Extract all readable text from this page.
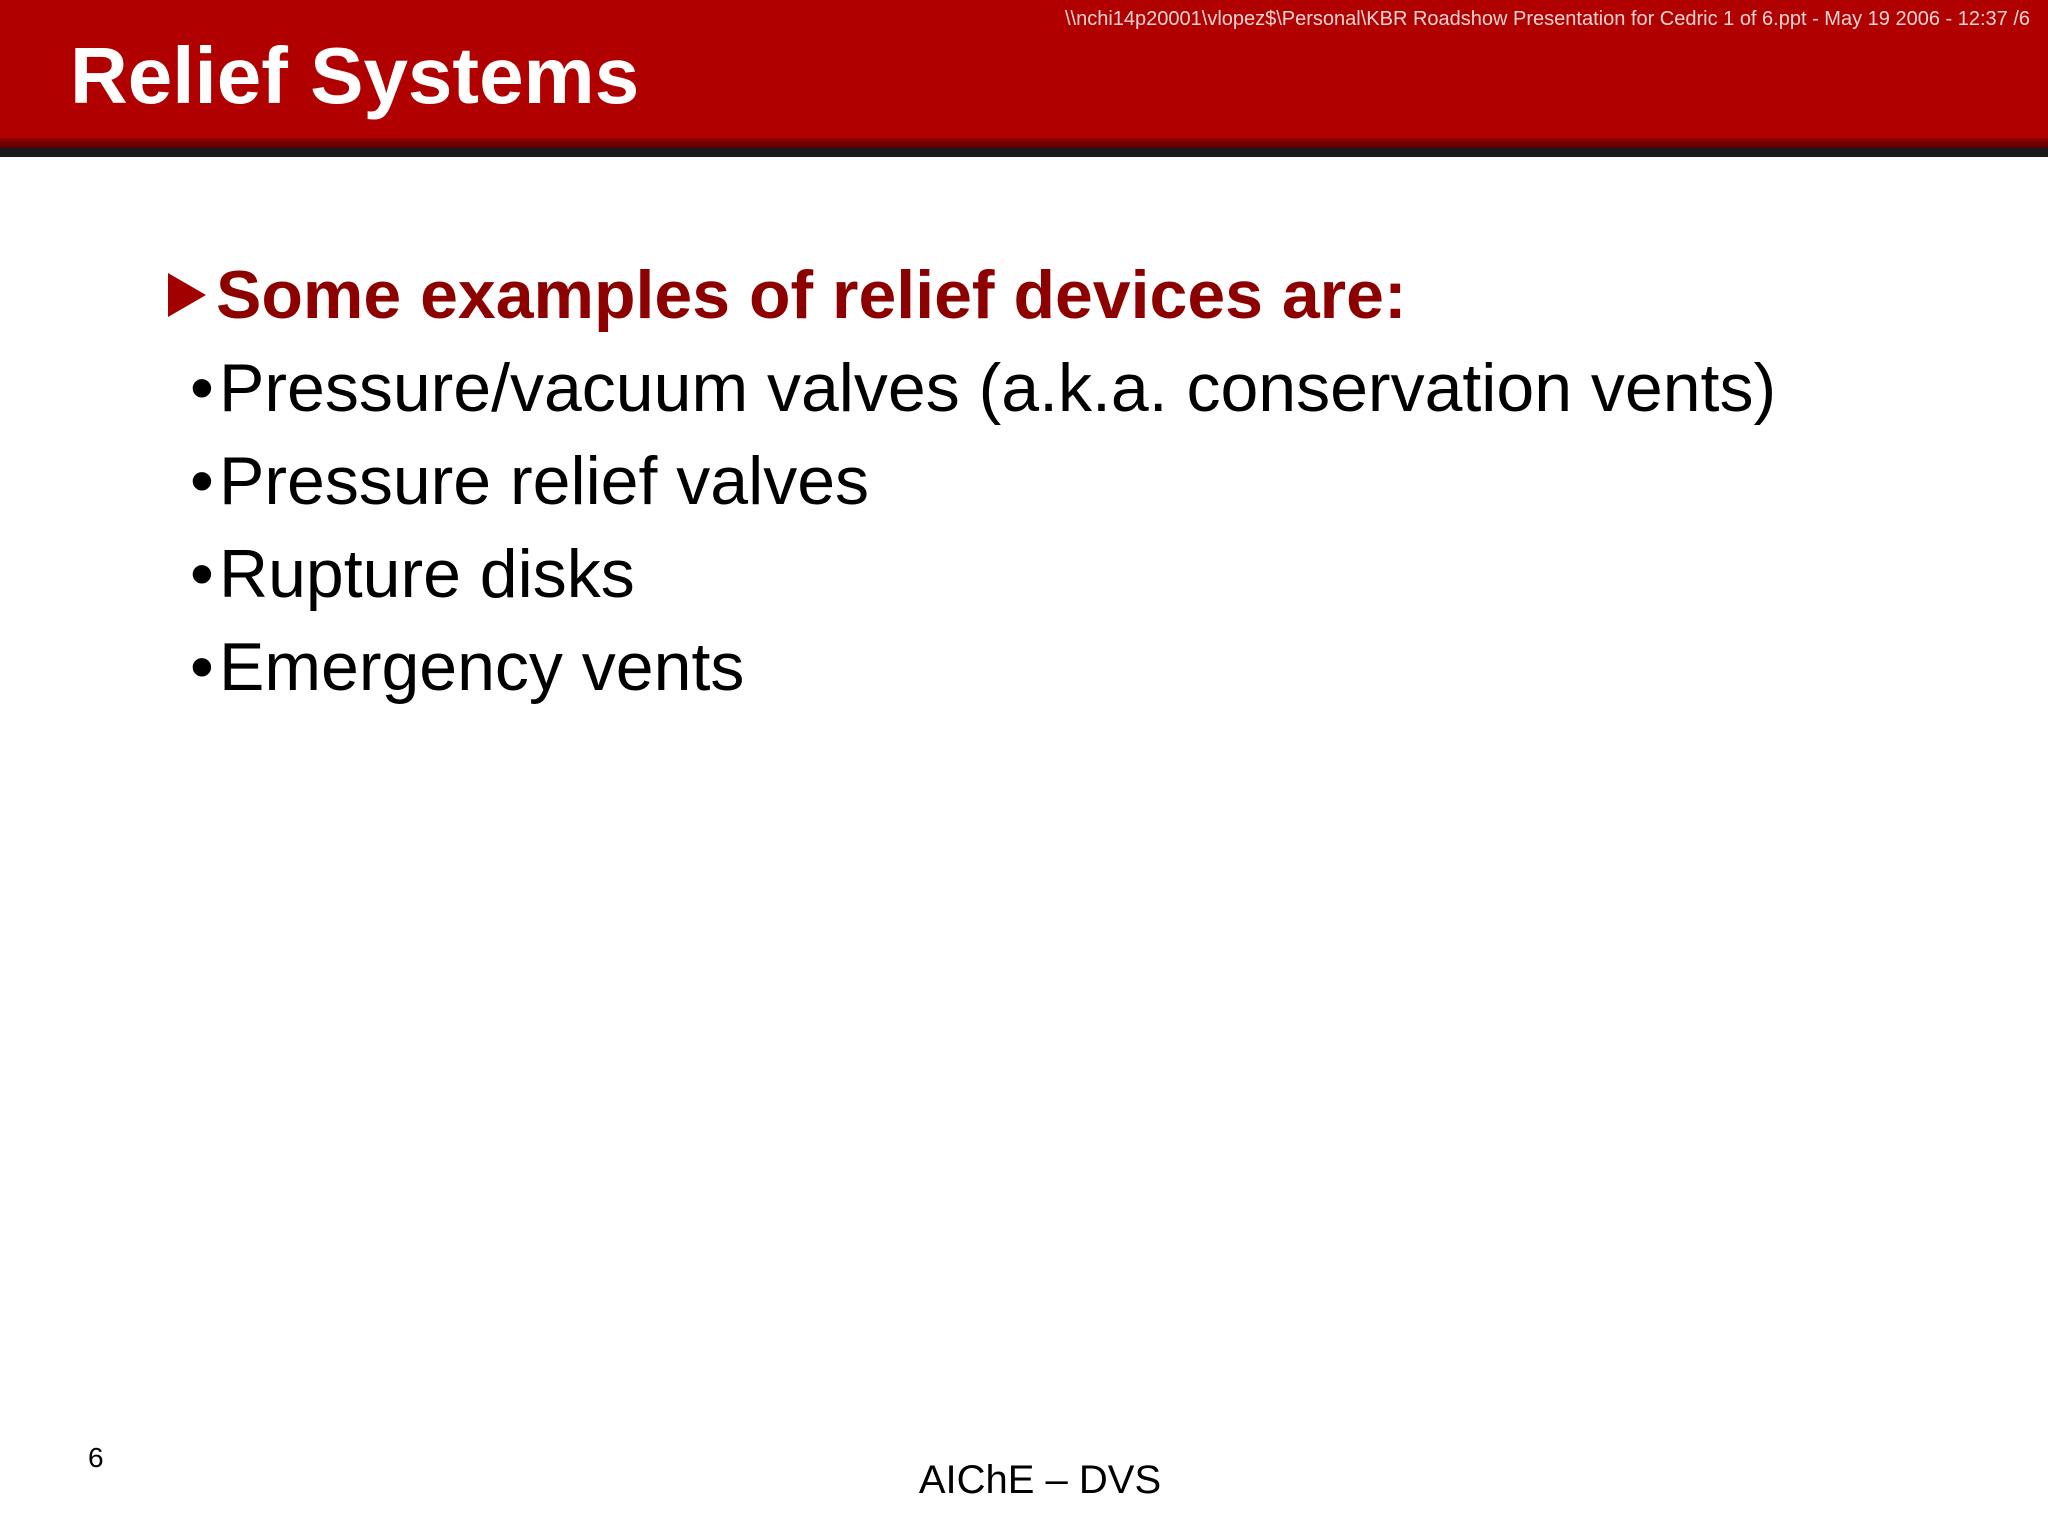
\\nchi14p20001\vlopez$\Personal\KBR Roadshow Presentation for Cedric 1 of 6.ppt - May 19 2006 - 12:37 /6
Relief Systems
Some examples of relief devices are:
•Pressure/vacuum valves (a.k.a. conservation vents)
•Pressure relief valves
•Rupture disks
•Emergency vents
6
AIChE – DVS
